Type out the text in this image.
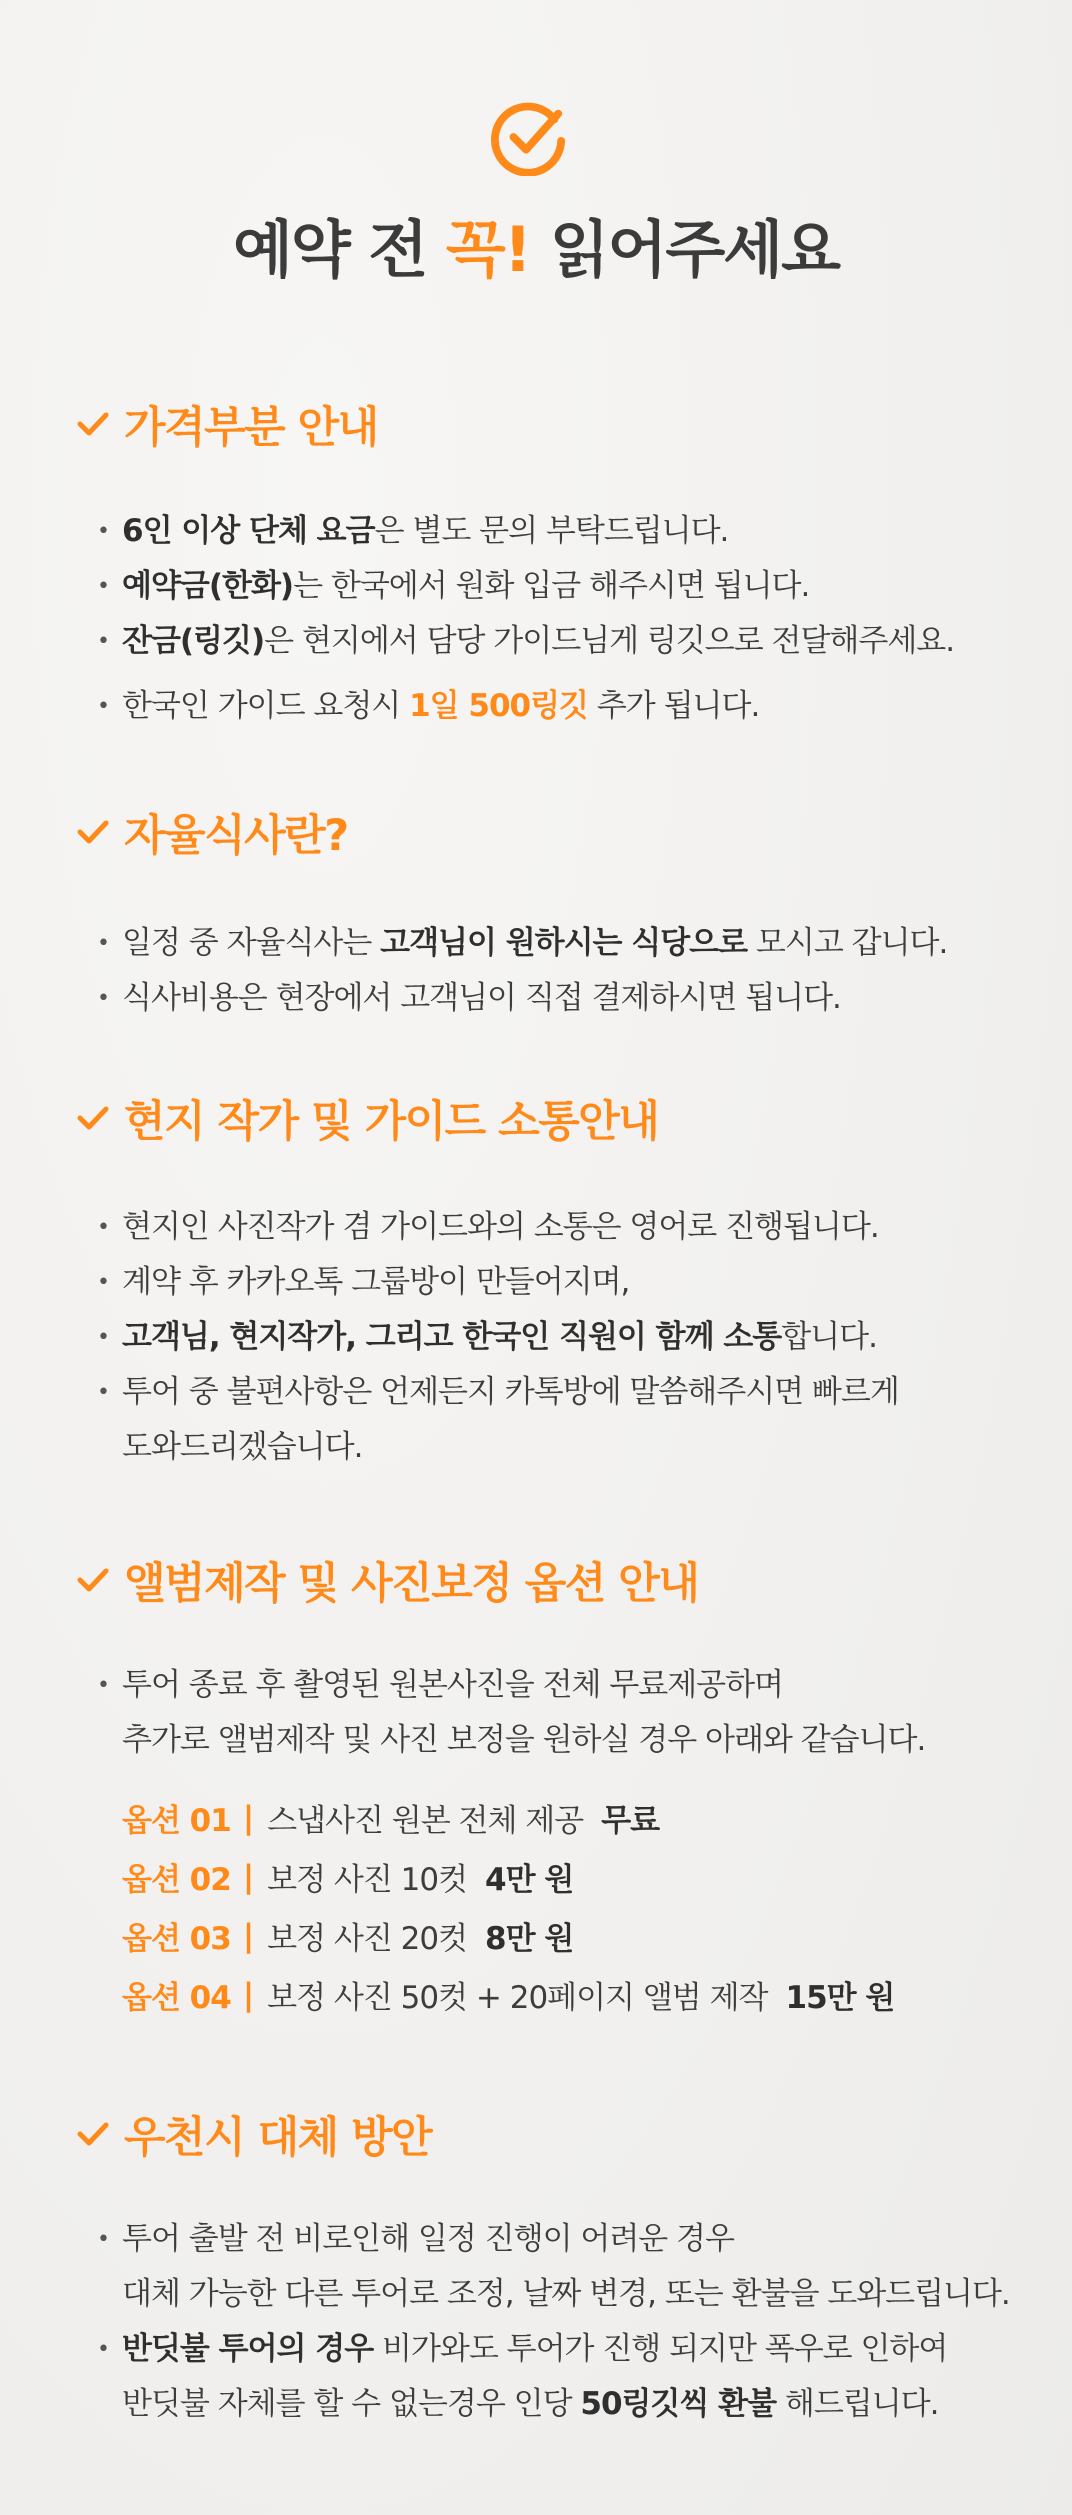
예약 전 꼭! 읽어주세요
가격부분 안내
• 6인 이상 단체 요금은 별도 문의 부탁드립니다.
• 예약금(한화)는 한국에서 원화 입금 해주시면 됩니다.
• 잔금(링깃)은 현지에서 담당 가이드님게 링깃으로 전달해주세요.
• 한국인 가이드 요청시 1일 500링깃 추가 됩니다.
자율식사란?
• 일정 중 자율식사는 고객님이 원하시는 식당으로 모시고 갑니다.
• 식사비용은 현장에서 고객님이 직접 결제하시면 됩니다.
현지 작가 및 가이드 소통안내
• 현지인 사진작가 겸 가이드와의 소통은 영어로 진행됩니다.
• 계약 후 카카오톡 그룹방이 만들어지며,
• 고객님, 현지작가, 그리고 한국인 직원이 함께 소통합니다.
• 투어 중 불편사항은 언제든지 카톡방에 말씀해주시면 빠르게
도와드리겠습니다.
앨범제작 및 사진보정 옵션 안내
• 투어 종료 후 촬영된 원본사진을 전체 무료제공하며
추가로 앨범제작 및 사진 보정을 원하실 경우 아래와 같습니다.
옵션 01 | 스냅사진 원본 전체 제공 무료
옵션 02 | 보정 사진 10컷 4만 원
옵션 03 | 보정 사진 20컷 8만 원
옵션 04 | 보정 사진 50컷 + 20페이지 앨범 제작 15만 원
우천시 대체 방안
• 투어 출발 전 비로인해 일정 진행이 어려운 경우
대체 가능한 다른 투어로 조정, 날짜 변경, 또는 환불을 도와드립니다.
• 반딧불 투어의 경우 비가와도 투어가 진행 되지만 폭우로 인하여
반딧불 자체를 할 수 없는경우 인당 50링깃씩 환불 해드립니다.
